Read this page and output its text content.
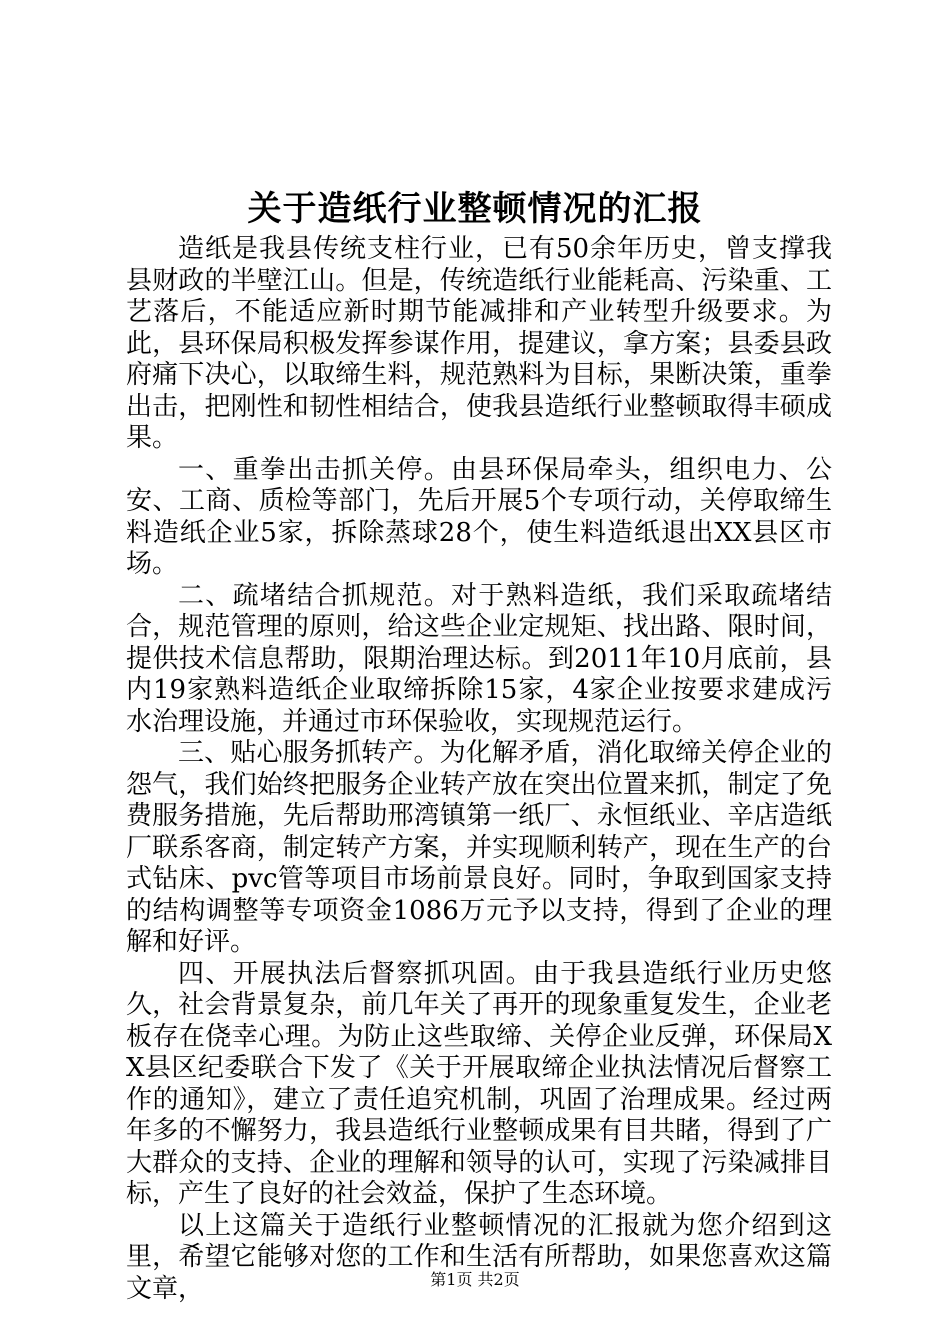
关于造纸行业整顿情况的汇报

造纸是我县传统支柱行业，已有50余年历史，曾支撑我县财政的半壁江山。但是，传统造纸行业能耗高、污染重、工艺落后，不能适应新时期节能减排和产业转型升级要求。为此，县环保局积极发挥参谋作用，提建议，拿方案；县委县政府痛下决心，以取缔生料，规范熟料为目标，果断决策，重拳出击，把刚性和韧性相结合，使我县造纸行业整顿取得丰硕成果。

一、重拳出击抓关停。由县环保局牵头，组织电力、公安、工商、质检等部门，先后开展5个专项行动，关停取缔生料造纸企业5家，拆除蒸球28个，使生料造纸退出XX县区市场。

二、疏堵结合抓规范。对于熟料造纸，我们采取疏堵结合，规范管理的原则，给这些企业定规矩、找出路、限时间，提供技术信息帮助，限期治理达标。到2011年10月底前，县内19家熟料造纸企业取缔拆除15家，4家企业按要求建成污水治理设施，并通过市环保验收，实现规范运行。

三、贴心服务抓转产。为化解矛盾，消化取缔关停企业的怨气，我们始终把服务企业转产放在突出位置来抓，制定了免费服务措施，先后帮助邢湾镇第一纸厂、永恒纸业、辛店造纸厂联系客商，制定转产方案，并实现顺利转产，现在生产的台式钻床、pvc管等项目市场前景良好。同时，争取到国家支持的结构调整等专项资金1086万元予以支持，得到了企业的理解和好评。

四、开展执法后督察抓巩固。由于我县造纸行业历史悠久，社会背景复杂，前几年关了再开的现象重复发生，企业老板存在侥幸心理。为防止这些取缔、关停企业反弹，环保局XX县区纪委联合下发了《关于开展取缔企业执法情况后督察工作的通知》，建立了责任追究机制，巩固了治理成果。经过两年多的不懈努力，我县造纸行业整顿成果有目共睹，得到了广大群众的支持、企业的理解和领导的认可，实现了污染减排目标，产生了良好的社会效益，保护了生态环境。

以上这篇关于造纸行业整顿情况的汇报就为您介绍到这里，希望它能够对您的工作和生活有所帮助，如果您喜欢这篇文章，	第1页 共2页
